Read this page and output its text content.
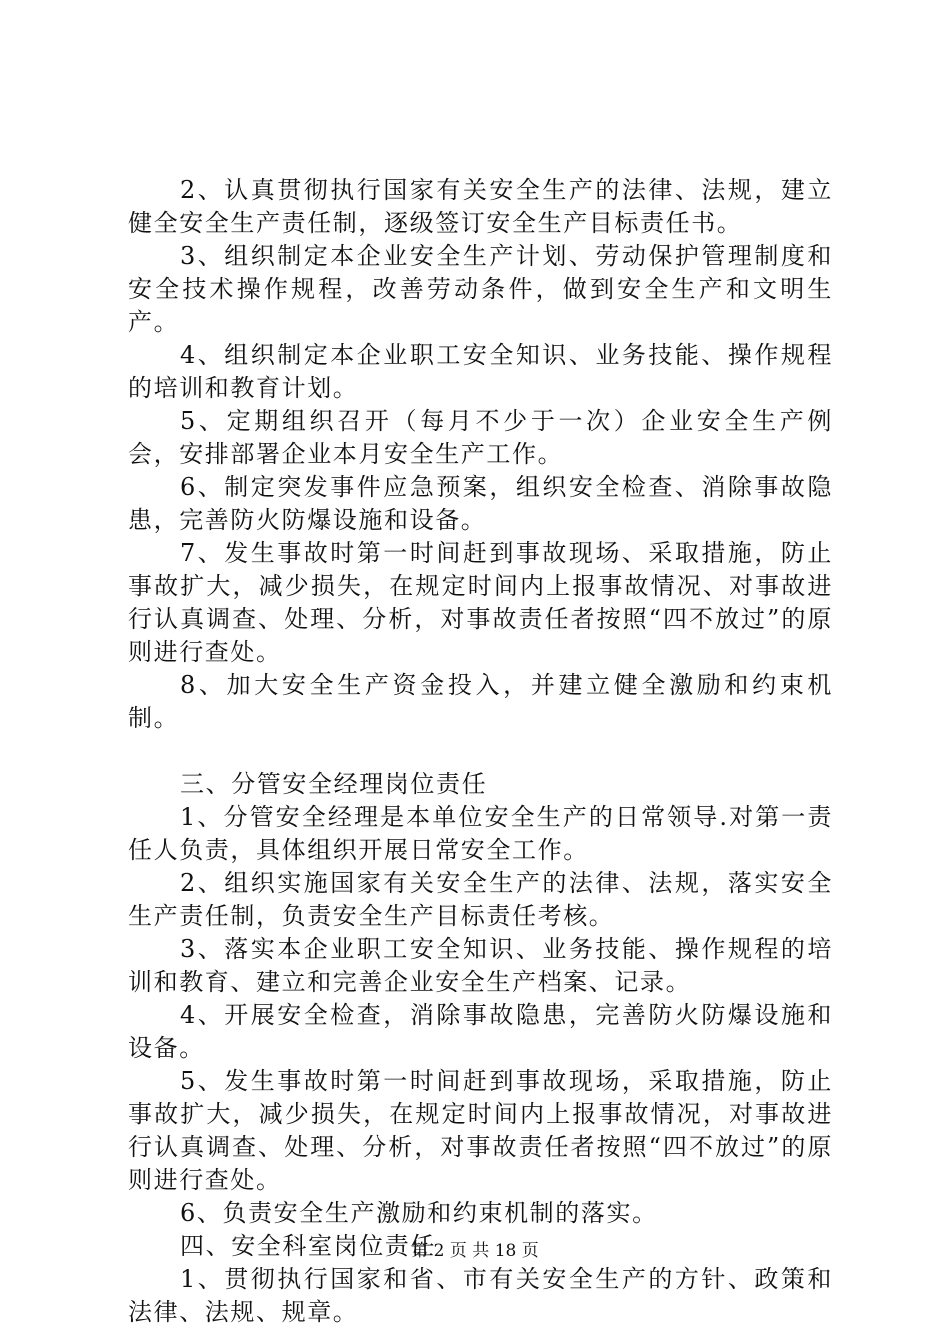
2、认真贯彻执行国家有关安全生产的法律、法规，建立健全安全生产责任制，逐级签订安全生产目标责任书。

3、组织制定本企业安全生产计划、劳动保护管理制度和安全技术操作规程，改善劳动条件，做到安全生产和文明生产。

4、组织制定本企业职工安全知识、业务技能、操作规程的培训和教育计划。

5、定期组织召开（每月不少于一次）企业安全生产例会，安排部署企业本月安全生产工作。

6、制定突发事件应急预案，组织安全检查、消除事故隐患，完善防火防爆设施和设备。

7、发生事故时第一时间赶到事故现场、采取措施，防止事故扩大，减少损失，在规定时间内上报事故情况、对事故进行认真调查、处理、分析，对事故责任者按照“四不放过”的原则进行查处。

8、加大安全生产资金投入，并建立健全激励和约束机制。

三、分管安全经理岗位责任

1、分管安全经理是本单位安全生产的日常领导.对第一责任人负责，具体组织开展日常安全工作。

2、组织实施国家有关安全生产的法律、法规，落实安全生产责任制，负责安全生产目标责任考核。

3、落实本企业职工安全知识、业务技能、操作规程的培训和教育、建立和完善企业安全生产档案、记录。

4、开展安全检查，消除事故隐患，完善防火防爆设施和设备。

5、发生事故时第一时间赶到事故现场，采取措施，防止事故扩大，减少损失，在规定时间内上报事故情况，对事故进行认真调查、处理、分析，对事故责任者按照“四不放过”的原则进行查处。

6、负责安全生产激励和约束机制的落实。

四、安全科室岗位责任

1、贯彻执行国家和省、市有关安全生产的方针、政策和法律、法规、规章。

第 2 页 共 18 页
